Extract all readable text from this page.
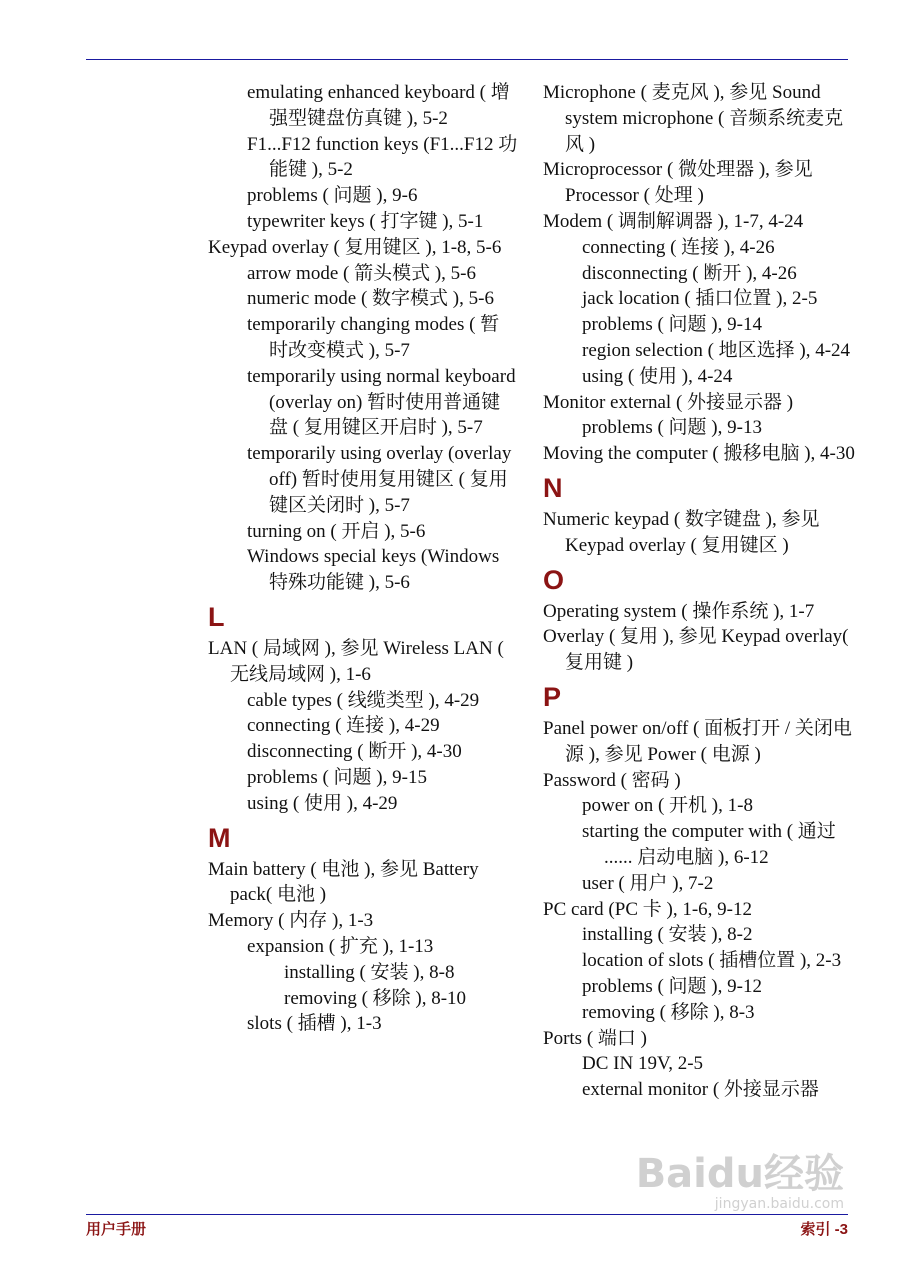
emulating enhanced keyboard ( 增强型键盘仿真键 ), 5-2
F1...F12 function keys (F1...F12 功能键 ), 5-2
problems ( 问题 ), 9-6
typewriter keys ( 打字键 ), 5-1
Keypad overlay ( 复用键区 ), 1-8, 5-6
arrow mode ( 箭头模式 ), 5-6
numeric mode ( 数字模式 ), 5-6
temporarily changing modes ( 暂时改变模式 ), 5-7
temporarily using normal keyboard (overlay on) 暂时使用普通键盘 ( 复用键区开启时 ), 5-7
temporarily using overlay (overlay off) 暂时使用复用键区 ( 复用键区关闭时 ), 5-7
turning on ( 开启 ), 5-6
Windows special keys (Windows 特殊功能键 ), 5-6
L
LAN ( 局域网 ), 参见 Wireless LAN ( 无线局域网 ), 1-6
cable types ( 线缆类型 ), 4-29
connecting ( 连接 ), 4-29
disconnecting ( 断开 ), 4-30
problems ( 问题 ), 9-15
using ( 使用 ), 4-29
M
Main battery ( 电池 ), 参见 Battery pack( 电池 )
Memory ( 内存 ), 1-3
expansion ( 扩充 ), 1-13
installing ( 安装 ), 8-8
removing ( 移除 ), 8-10
slots ( 插槽 ), 1-3
Microphone ( 麦克风 ), 参见 Sound system microphone ( 音频系统麦克风 )
Microprocessor ( 微处理器 ), 参见 Processor ( 处理 )
Modem ( 调制解调器 ), 1-7, 4-24
connecting ( 连接 ), 4-26
disconnecting ( 断开 ), 4-26
jack location ( 插口位置 ), 2-5
problems ( 问题 ), 9-14
region selection ( 地区选择 ), 4-24
using ( 使用 ), 4-24
Monitor external ( 外接显示器 )
problems ( 问题 ), 9-13
Moving the computer ( 搬移电脑 ), 4-30
N
Numeric keypad ( 数字键盘 ), 参见 Keypad overlay ( 复用键区 )
O
Operating system ( 操作系统 ), 1-7
Overlay ( 复用 ), 参见 Keypad overlay( 复用键 )
P
Panel power on/off ( 面板打开 / 关闭电源 ), 参见 Power ( 电源 )
Password ( 密码 )
power on ( 开机 ), 1-8
starting the computer with ( 通过 ...... 启动电脑 ), 6-12
user ( 用户 ), 7-2
PC card (PC 卡 ), 1-6, 9-12
installing ( 安装 ), 8-2
location of slots ( 插槽位置 ), 2-3
problems ( 问题 ), 9-12
removing ( 移除 ), 8-3
Ports ( 端口 )
DC IN 19V, 2-5
external monitor ( 外接显示器
用户手册	索引 -3
Baidu经验
jingyan.baidu.com
